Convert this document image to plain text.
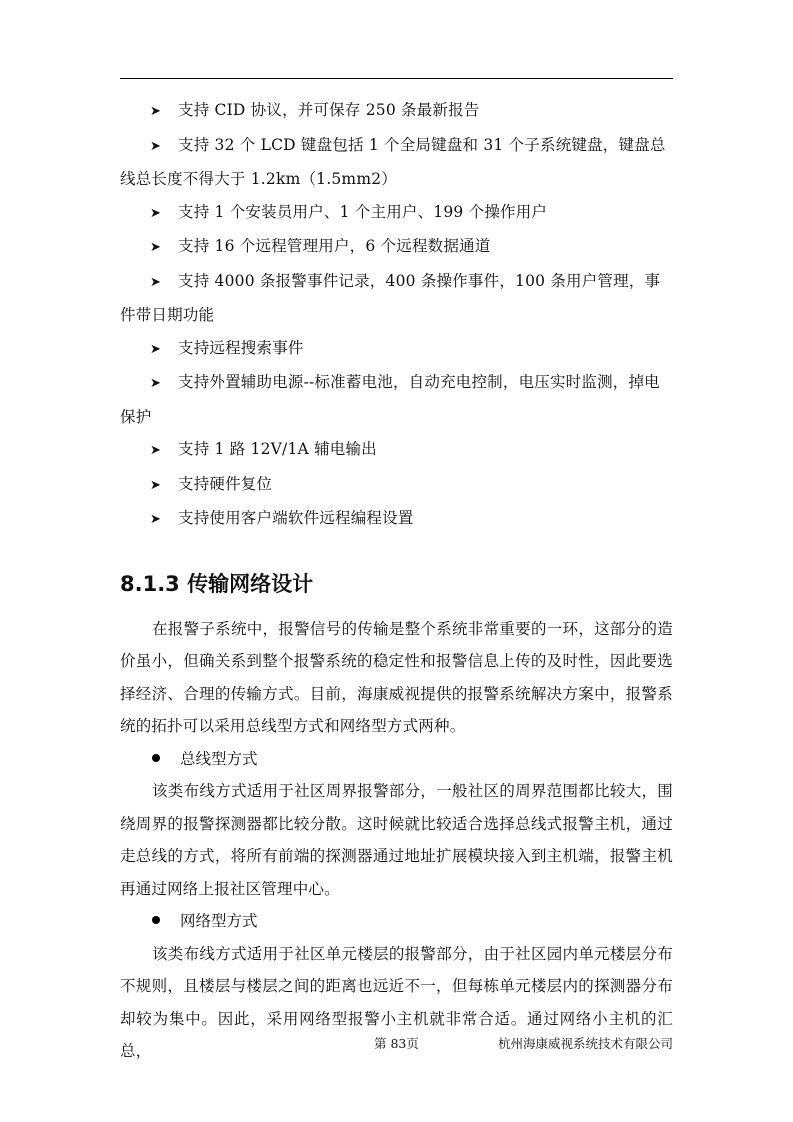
➤ 支持 CID 协议，并可保存 250 条最新报告
➤ 支持 32 个 LCD 键盘包括 1 个全局键盘和 31 个子系统键盘，键盘总线总长度不得大于 1.2km（1.5mm2）
➤ 支持 1 个安装员用户、1 个主用户、199 个操作用户
➤ 支持 16 个远程管理用户，6 个远程数据通道
➤ 支持 4000 条报警事件记录，400 条操作事件，100 条用户管理，事件带日期功能
➤ 支持远程搜索事件
➤ 支持外置辅助电源--标准蓄电池，自动充电控制，电压实时监测，掉电保护
➤ 支持 1 路 12V/1A 辅电输出
➤ 支持硬件复位
➤ 支持使用客户端软件远程编程设置
8.1.3 传输网络设计
在报警子系统中，报警信号的传输是整个系统非常重要的一环，这部分的造价虽小，但确关系到整个报警系统的稳定性和报警信息上传的及时性，因此要选择经济、合理的传输方式。目前，海康威视提供的报警系统解决方案中，报警系统的拓扑可以采用总线型方式和网络型方式两种。
总线型方式
该类布线方式适用于社区周界报警部分，一般社区的周界范围都比较大，围绕周界的报警探测器都比较分散。这时候就比较适合选择总线式报警主机，通过走总线的方式，将所有前端的探测器通过地址扩展模块接入到主机端，报警主机再通过网络上报社区管理中心。
网络型方式
该类布线方式适用于社区单元楼层的报警部分，由于社区园内单元楼层分布不规则，且楼层与楼层之间的距离也远近不一，但每栋单元楼层内的探测器分布却较为集中。因此，采用网络型报警小主机就非常合适。通过网络小主机的汇总，	第 83页	杭州海康威视系统技术有限公司
